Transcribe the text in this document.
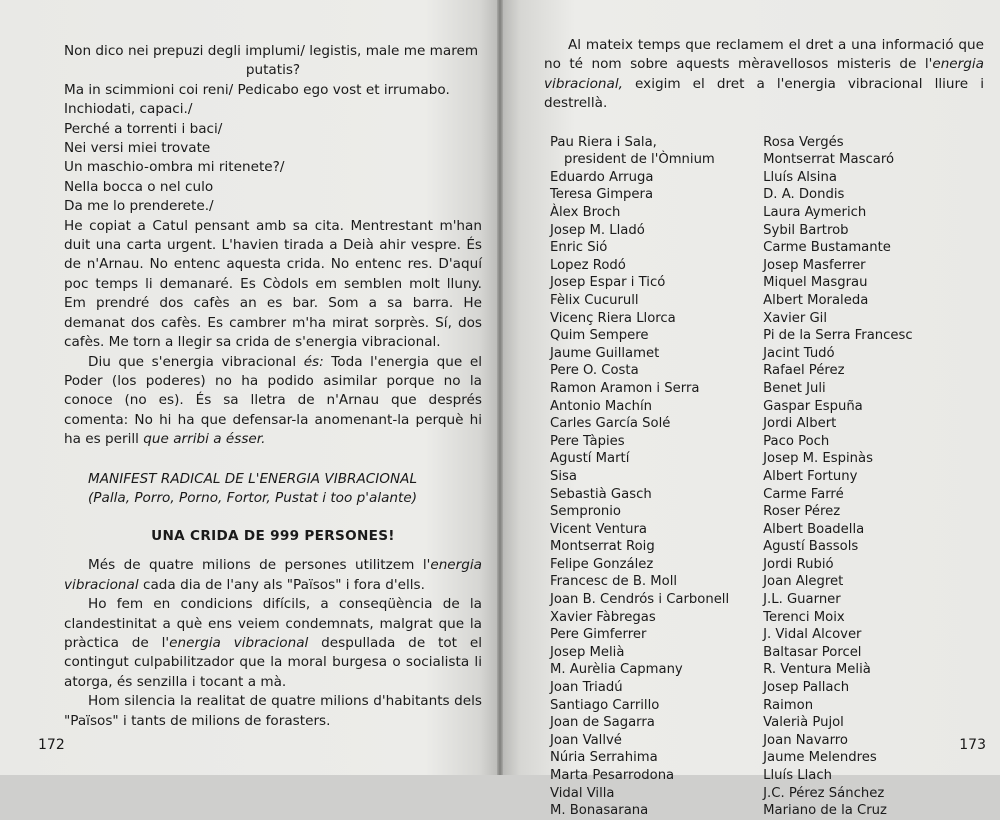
Non dico nei prepuzi degli implumi/ legistis, male me marem

putatis?

Ma in scimmioni coi reni/ Pedicabo ego vost et irrumabo.

Inchiodati, capaci./

Perché a torrenti i baci/

Nei versi miei trovate

Un maschio-ombra mi ritenete?/

Nella bocca o nel culo

Da me lo prenderete./

He copiat a Catul pensant amb sa cita. Mentrestant m'han duit una carta urgent. L'havien tirada a Deià ahir vespre. És de n'Arnau. No entenc aquesta crida. No entenc res. D'aquí poc temps li demanaré. Es Còdols em semblen molt lluny. Em prendré dos cafès an es bar. Som a sa barra. He demanat dos cafès. Es cambrer m'ha mirat sorprès. Sí, dos cafès. Me torn a llegir sa crida de s'energia vibracional.

Diu que s'energia vibracional és: Toda l'energia que el Poder (los poderes) no ha podido asimilar porque no la conoce (no es). És sa lletra de n'Arnau que després comenta: No hi ha que defensar-la anomenant-la perquè hi ha es perill que arribi a ésser.

MANIFEST RADICAL DE L'ENERGIA VIBRACIONAL

(Palla, Porro, Porno, Fortor, Pustat i too p'alante)

UNA CRIDA DE 999 PERSONES!

Més de quatre milions de persones utilitzem l'energia vibracional cada dia de l'any als "Països" i fora d'ells.

Ho fem en condicions difícils, a conseqüència de la clandestinitat a què ens veiem condemnats, malgrat que la pràctica de l'energia vibracional despullada de tot el contingut culpabilitzador que la moral burgesa o socialista li atorga, és senzilla i tocant a mà.

Hom silencia la realitat de quatre milions d'habitants dels "Països" i tants de milions de forasters.

172

Al mateix temps que reclamem el dret a una informació que no té nom sobre aquests mèravellosos misteris de l'energia vibracional, exigim el dret a l'energia vibracional lliure i destrellà.

Pau Riera i Sala,
president de l'Òmnium
Eduardo Arruga
Teresa Gimpera
Àlex Broch
Josep M. Lladó
Enric Sió
Lopez Rodó
Josep Espar i Ticó
Fèlix Cucurull
Vicenç Riera Llorca
Quim Sempere
Jaume Guillamet
Pere O. Costa
Ramon Aramon i Serra
Antonio Machín
Carles García Solé
Pere Tàpies
Agustí Martí
Sisa
Sebastià Gasch
Sempronio
Vicent Ventura
Montserrat Roig
Felipe González
Francesc de B. Moll
Joan B. Cendrós i Carbonell
Xavier Fàbregas
Pere Gimferrer
Josep Melià
M. Aurèlia Capmany
Joan Triadú
Santiago Carrillo
Joan de Sagarra
Joan Vallvé
Núria Serrahima
Marta Pesarrodona
Vidal Villa
M. Bonasarana
Rosa Vergés
Montserrat Mascaró
Lluís Alsina
D. A. Dondis
Laura Aymerich
Sybil Bartrob
Carme Bustamante
Josep Masferrer
Miquel Masgrau
Albert Moraleda
Xavier Gil
Pi de la Serra Francesc
Jacint Tudó
Rafael Pérez
Benet Juli
Gaspar Espuña
Jordi Albert
Paco Poch
Josep M. Espinàs
Albert Fortuny
Carme Farré
Roser Pérez
Albert Boadella
Agustí Bassols
Jordi Rubió
Joan Alegret
J.L. Guarner
Terenci Moix
J. Vidal Alcover
Baltasar Porcel
R. Ventura Melià
Josep Pallach
Raimon
Valerià Pujol
Joan Navarro
Jaume Melendres
Lluís Llach
J.C. Pérez Sánchez
Mariano de la Cruz
173
